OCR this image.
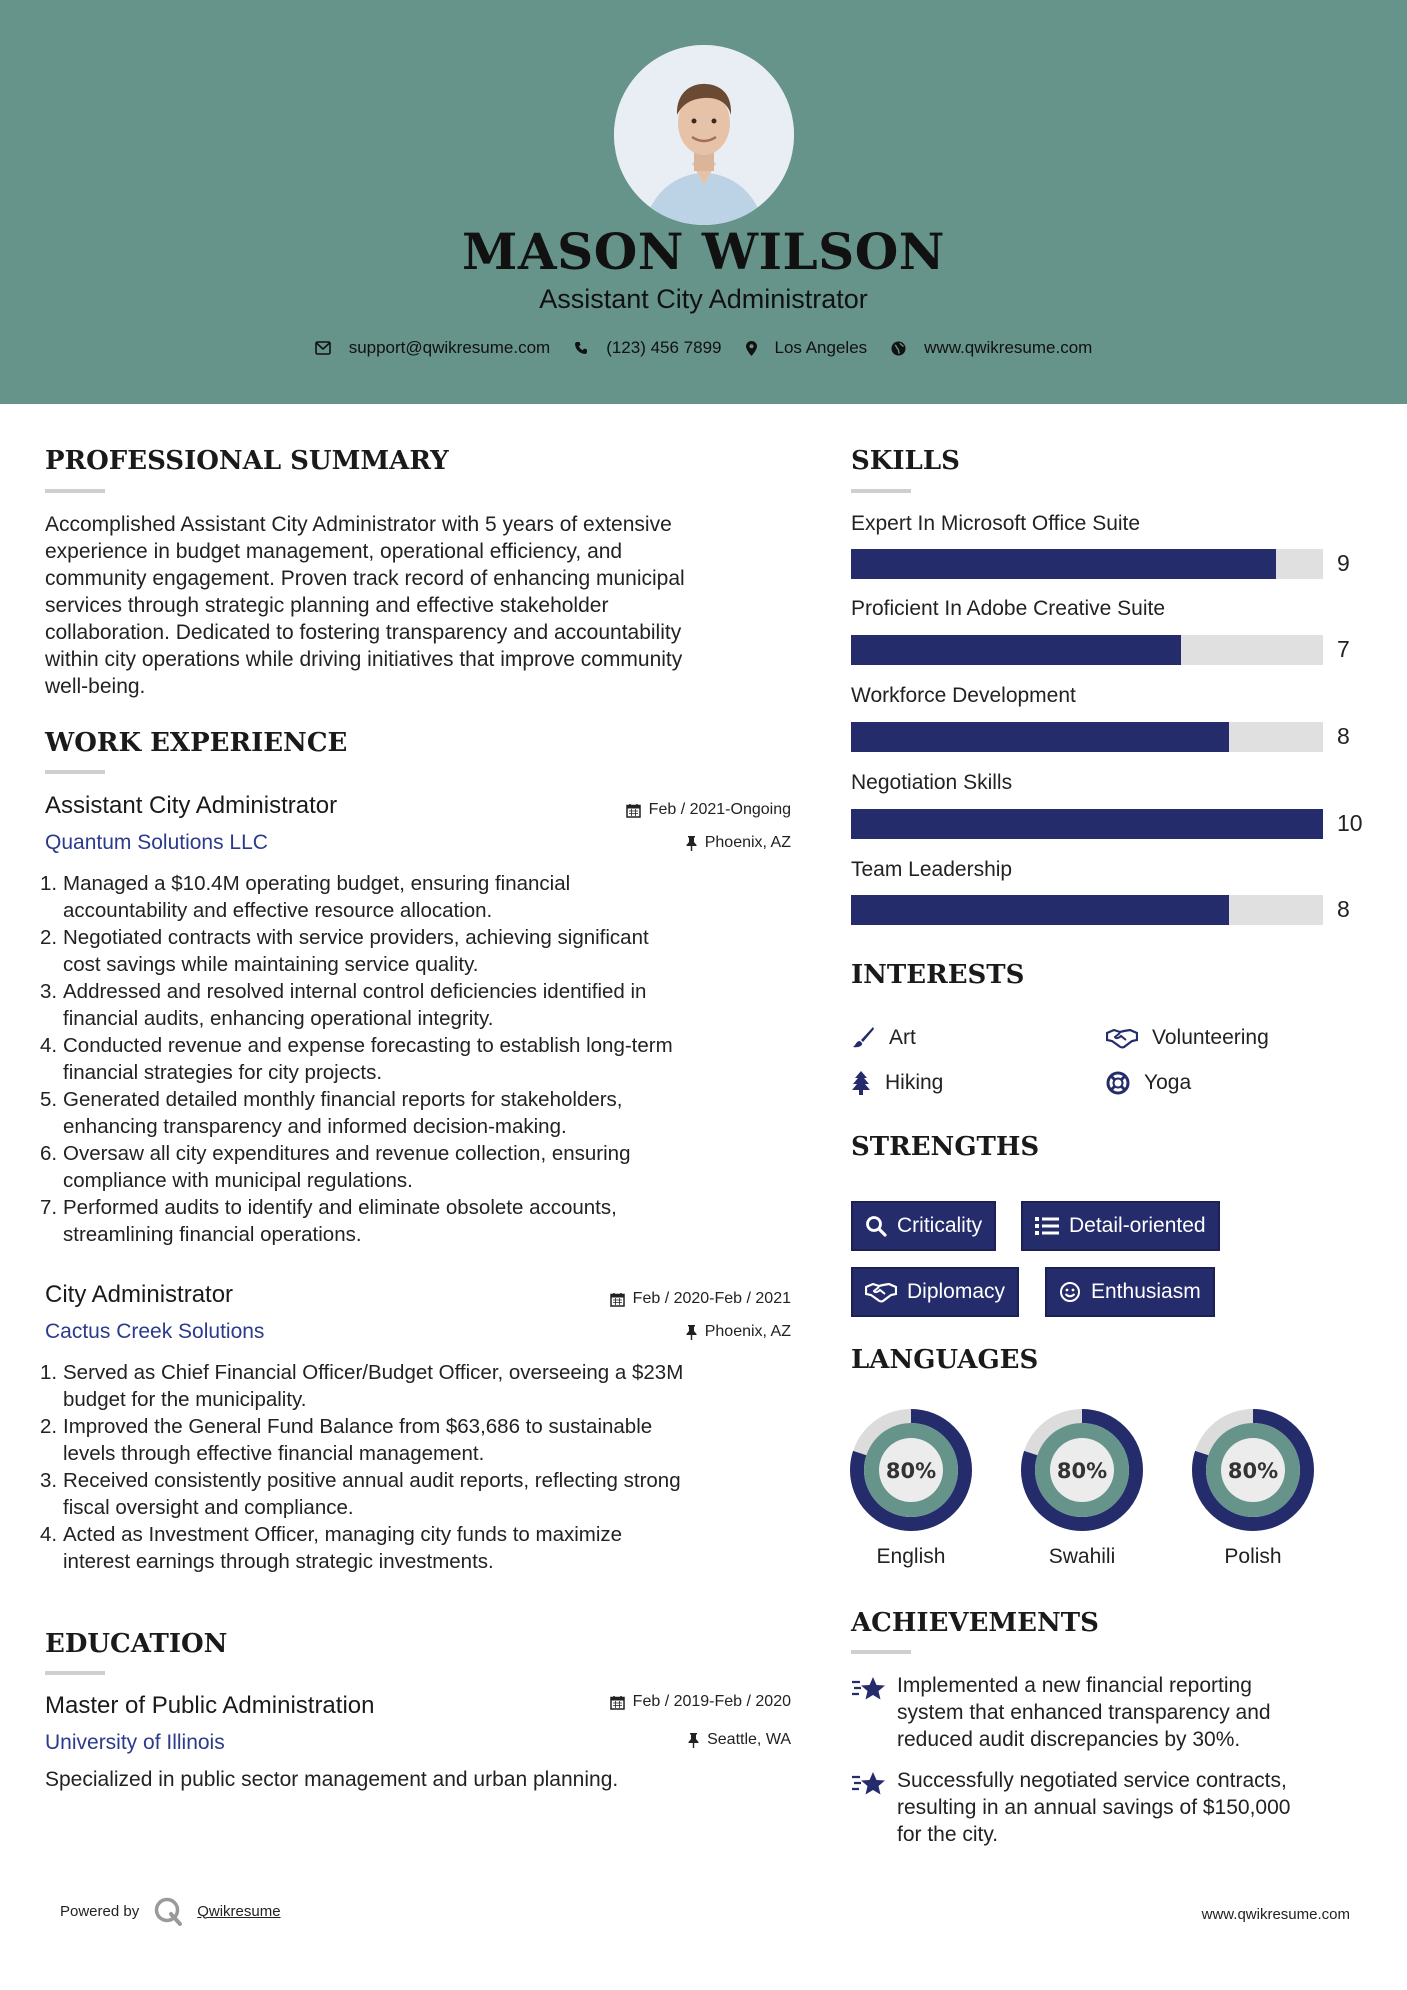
MASON WILSON
Assistant City Administrator
support@qwikresume.com	(123) 456 7899	Los Angeles	www.qwikresume.com
PROFESSIONAL SUMMARY
Accomplished Assistant City Administrator with 5 years of extensive
experience in budget management, operational efficiency, and
community engagement. Proven track record of enhancing municipal
services through strategic planning and effective stakeholder
collaboration. Dedicated to fostering transparency and accountability
within city operations while driving initiatives that improve community
well-being.
WORK EXPERIENCE
Assistant City Administrator	Feb / 2021-Ongoing
Quantum Solutions LLC	Phoenix, AZ
1. Managed a $10.4M operating budget, ensuring financial
accountability and effective resource allocation.
2. Negotiated contracts with service providers, achieving significant
cost savings while maintaining service quality.
3. Addressed and resolved internal control deficiencies identified in
financial audits, enhancing operational integrity.
4. Conducted revenue and expense forecasting to establish long-term
financial strategies for city projects.
5. Generated detailed monthly financial reports for stakeholders,
enhancing transparency and informed decision-making.
6. Oversaw all city expenditures and revenue collection, ensuring
compliance with municipal regulations.
7. Performed audits to identify and eliminate obsolete accounts,
streamlining financial operations.
City Administrator	Feb / 2020-Feb / 2021
Cactus Creek Solutions	Phoenix, AZ
1. Served as Chief Financial Officer/Budget Officer, overseeing a $23M
budget for the municipality.
2. Improved the General Fund Balance from $63,686 to sustainable
levels through effective financial management.
3. Received consistently positive annual audit reports, reflecting strong
fiscal oversight and compliance.
4. Acted as Investment Officer, managing city funds to maximize
interest earnings through strategic investments.
EDUCATION
Master of Public Administration	Feb / 2019-Feb / 2020
University of Illinois	Seattle, WA
Specialized in public sector management and urban planning.
SKILLS
Expert In Microsoft Office Suite
9
Proficient In Adobe Creative Suite
7
Workforce Development
8
Negotiation Skills
10
Team Leadership
8
INTERESTS
Art	Volunteering
Hiking	Yoga
STRENGTHS
Criticality	Detail-oriented
Diplomacy	Enthusiasm
LANGUAGES
80%	80%	80%
English	Swahili	Polish
ACHIEVEMENTS
Implemented a new financial reporting
system that enhanced transparency and
reduced audit discrepancies by 30%.
Successfully negotiated service contracts,
resulting in an annual savings of $150,000
for the city.
Powered by	Qwikresume	www.qwikresume.com
